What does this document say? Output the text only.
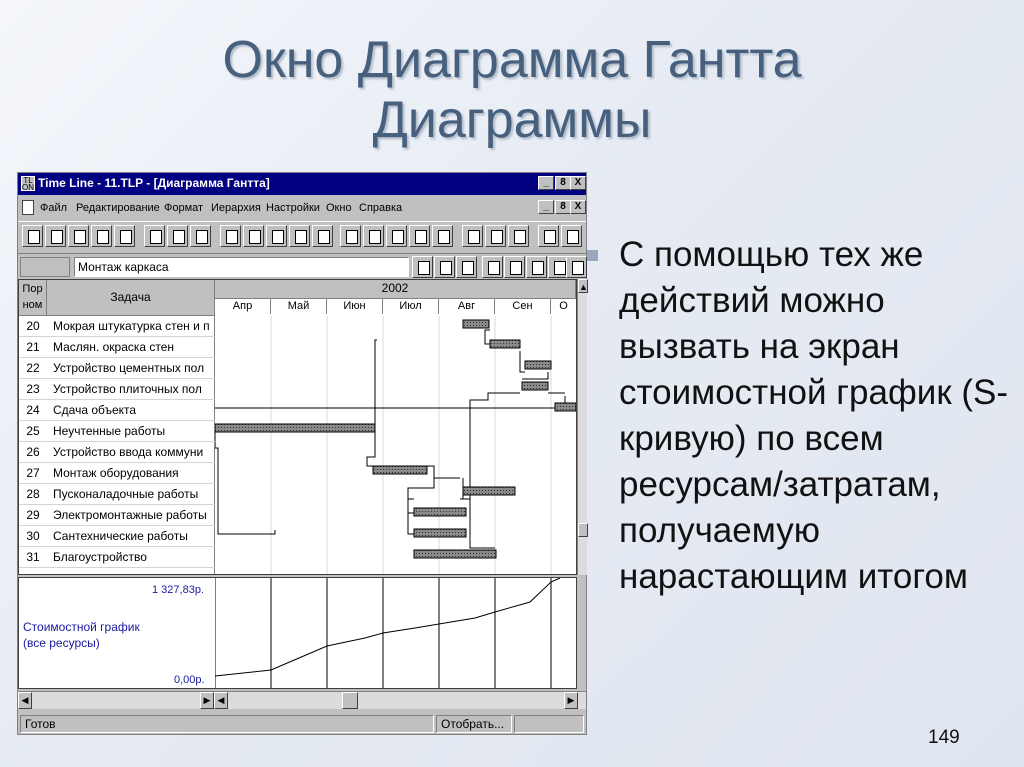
Окно Диаграмма Гантта
Диаграммы
TL
ON Time Line - 11.TLP - [Диаграмма Гантта]	_	8 X
Файл Редактирование Формат Иерархия Настройки Окно Справка	_	8 X
Монтаж каркаса
Пор
ном
Задача
2002
Апр	Май	Июн	Июл	Авг	Сен	О
20	Мокрая штукатурка стен и п
21	Маслян. окраска стен
22	Устройство цементных пол
23	Устройство плиточных пол
24	Сдача объекта
25	Неучтенные работы
26	Устройство ввода коммуни
27	Монтаж оборудования
28	Пусконаладочные работы
29	Электромонтажные работы
30	Сантехнические работы
31	Благоустройство
▲
1 327,83р.
Стоимостной график
(все ресурсы)
0,00р.
◀	▶ ◀	▶
Готов	Отобрать...
С помощью тех же действий можно вызвать на экран стоимостной график (S-кривую) по всем ресурсам/затратам, получаемую нарастающим итогом
149
